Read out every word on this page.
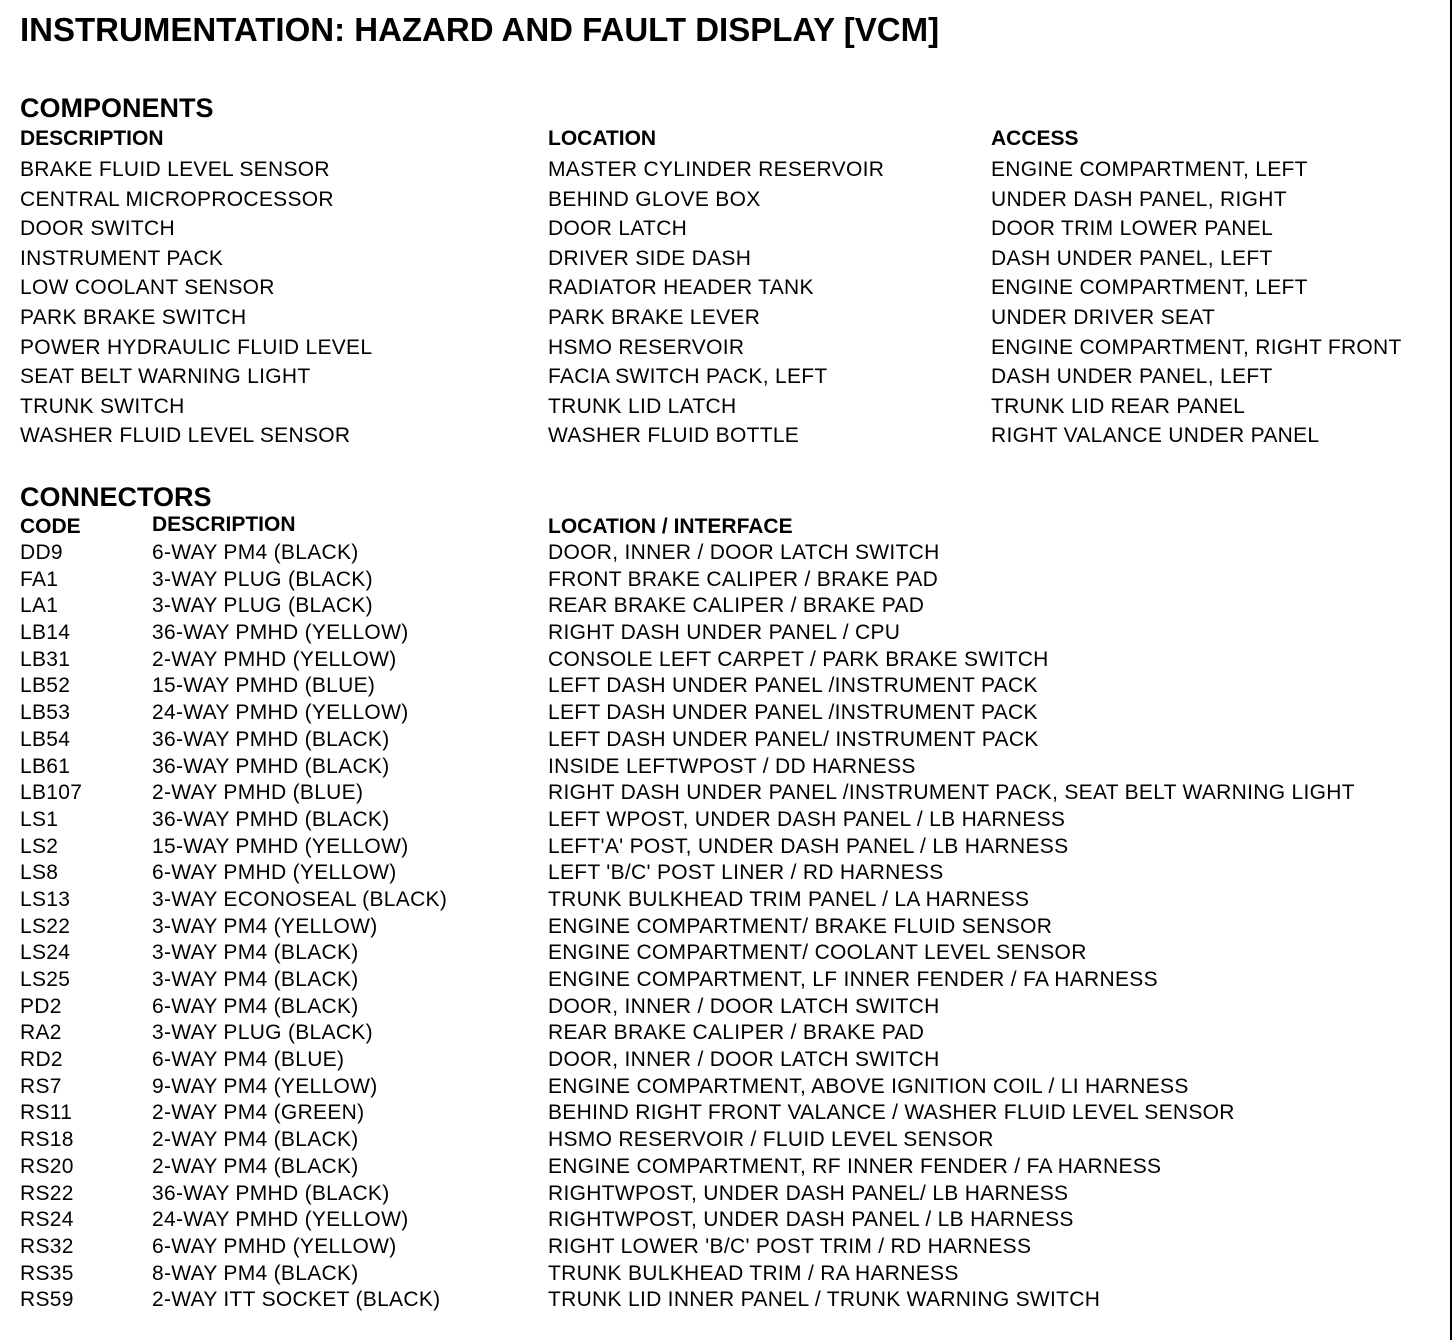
INSTRUMENTATION: HAZARD AND FAULT DISPLAY [VCM]
COMPONENTS
DESCRIPTION	LOCATION	ACCESS
BRAKE FLUID LEVEL SENSOR	MASTER CYLINDER RESERVOIR	ENGINE COMPARTMENT, LEFT
CENTRAL MICROPROCESSOR	BEHIND GLOVE BOX	UNDER DASH PANEL, RIGHT
DOOR SWITCH	DOOR LATCH	DOOR TRIM LOWER PANEL
INSTRUMENT PACK	DRIVER SIDE DASH	DASH UNDER PANEL, LEFT
LOW COOLANT SENSOR	RADIATOR HEADER TANK	ENGINE COMPARTMENT, LEFT
PARK BRAKE SWITCH	PARK BRAKE LEVER	UNDER DRIVER SEAT
POWER HYDRAULIC FLUID LEVEL	HSMO RESERVOIR	ENGINE COMPARTMENT, RIGHT FRONT
SEAT BELT WARNING LIGHT	FACIA SWITCH PACK, LEFT	DASH UNDER PANEL, LEFT
TRUNK SWITCH	TRUNK LID LATCH	TRUNK LID REAR PANEL
WASHER FLUID LEVEL SENSOR	WASHER FLUID BOTTLE	RIGHT VALANCE UNDER PANEL
CONNECTORS
CODE	DESCRIPTION	LOCATION / INTERFACE
DD9	6-WAY PM4 (BLACK)	DOOR, INNER / DOOR LATCH SWITCH
FA1	3-WAY PLUG (BLACK)	FRONT BRAKE CALIPER / BRAKE PAD
LA1	3-WAY PLUG (BLACK)	REAR BRAKE CALIPER / BRAKE PAD
LB14	36-WAY PMHD (YELLOW)	RIGHT DASH UNDER PANEL / CPU
LB31	2-WAY PMHD (YELLOW)	CONSOLE LEFT CARPET / PARK BRAKE SWITCH
LB52	15-WAY PMHD (BLUE)	LEFT DASH UNDER PANEL /INSTRUMENT PACK
LB53	24-WAY PMHD (YELLOW)	LEFT DASH UNDER PANEL /INSTRUMENT PACK
LB54	36-WAY PMHD (BLACK)	LEFT DASH UNDER PANEL/ INSTRUMENT PACK
LB61	36-WAY PMHD (BLACK)	INSIDE LEFTWPOST / DD HARNESS
LB107	2-WAY PMHD (BLUE)	RIGHT DASH UNDER PANEL /INSTRUMENT PACK, SEAT BELT WARNING LIGHT
LS1	36-WAY PMHD (BLACK)	LEFT WPOST, UNDER DASH PANEL / LB HARNESS
LS2	15-WAY PMHD (YELLOW)	LEFT'A' POST, UNDER DASH PANEL / LB HARNESS
LS8	6-WAY PMHD (YELLOW)	LEFT 'B/C' POST LINER / RD HARNESS
LS13	3-WAY ECONOSEAL (BLACK)	TRUNK BULKHEAD TRIM PANEL / LA HARNESS
LS22	3-WAY PM4 (YELLOW)	ENGINE COMPARTMENT/ BRAKE FLUID SENSOR
LS24	3-WAY PM4 (BLACK)	ENGINE COMPARTMENT/ COOLANT LEVEL SENSOR
LS25	3-WAY PM4 (BLACK)	ENGINE COMPARTMENT, LF INNER FENDER / FA HARNESS
PD2	6-WAY PM4 (BLACK)	DOOR, INNER / DOOR LATCH SWITCH
RA2	3-WAY PLUG (BLACK)	REAR BRAKE CALIPER / BRAKE PAD
RD2	6-WAY PM4 (BLUE)	DOOR, INNER / DOOR LATCH SWITCH
RS7	9-WAY PM4 (YELLOW)	ENGINE COMPARTMENT, ABOVE IGNITION COIL / LI HARNESS
RS11	2-WAY PM4 (GREEN)	BEHIND RIGHT FRONT VALANCE / WASHER FLUID LEVEL SENSOR
RS18	2-WAY PM4 (BLACK)	HSMO RESERVOIR / FLUID LEVEL SENSOR
RS20	2-WAY PM4 (BLACK)	ENGINE COMPARTMENT, RF INNER FENDER / FA HARNESS
RS22	36-WAY PMHD (BLACK)	RIGHTWPOST, UNDER DASH PANEL/ LB HARNESS
RS24	24-WAY PMHD (YELLOW)	RIGHTWPOST, UNDER DASH PANEL / LB HARNESS
RS32	6-WAY PMHD (YELLOW)	RIGHT LOWER 'B/C' POST TRIM / RD HARNESS
RS35	8-WAY PM4 (BLACK)	TRUNK BULKHEAD TRIM / RA HARNESS
RS59	2-WAY ITT SOCKET (BLACK)	TRUNK LID INNER PANEL / TRUNK WARNING SWITCH
